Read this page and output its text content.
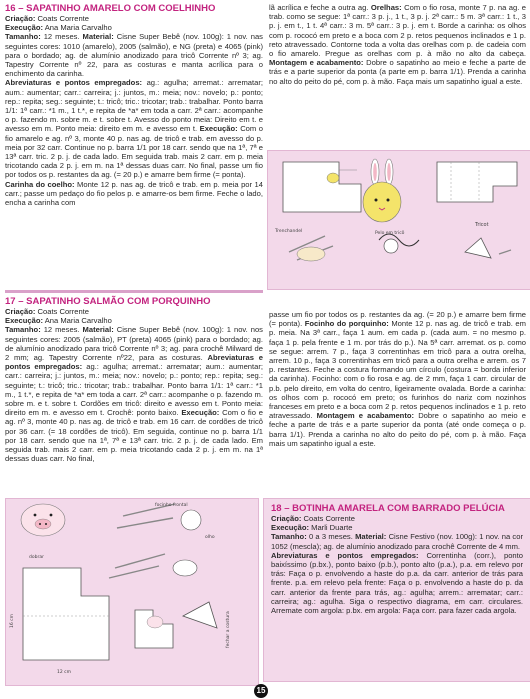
16 – SAPATINHO AMARELO COM COELHINHO

Criação: Coats Corrente

Execução: Ana Maria Carvalho

Tamanho: 12 meses. Material: Cisne Super Bebê (nov. 100g): 1 nov. nas seguintes cores: 1010 (amarelo), 2005 (salmão), e NG (preta) e 4065 (pink) para o bordado; ag. de alumínio anodizado para tricô Corrente nº 3; ag. Tapestry Corrente nº 22, para as costuras e manta acrílica para o enchimento da carinha.

Abreviaturas e pontos empregados: ag.: agulha; arremat.: arrematar; aum.: aumentar; carr.: carreira; j.: juntos, m.: meia; nov.: novelo; p.: ponto; rep.: repita; seg.: seguinte; t.: tricô; tric.: tricotar; trab.: trabalhar. Ponto barra 1/1: 1ª carr.: *1 m., 1 t.*, e repita de *a* em toda a carr. 2ª carr.: acompanhe o p. fazendo m. sobre m. e t. sobre t. Avesso do ponto meia: Direito em t. e avesso em m. Ponto meia: direito em m. e avesso em t. Execução: Com o fio amarelo e ag. nº 3, monte 40 p. nas ag. de tricô e trab. em avesso do p. meia por 32 carr. Continue no p. barra 1/1 por 18 carr. sendo que na 1ª, 7ª e 13ª carr. tric. 2 p. j. de cada lado. Em seguida trab. mais 2 carr. em p. meia tricotando cada 2 p. j. em m. na 1ª dessas duas carr. No final, passe um fio por todos os p. restantes da ag. (= 20 p.) e amarre bem firme (= ponta).

Carinha do coelho: Monte 12 p. nas ag. de tricô e trab. em p. meia por 14 carr.; passe um pedaço do fio pelos p. e amarre-os bem firme. Feche o lado, encha a carinha com

lã acrílica e feche a outra ag. Orelhas: Com o fio rosa, monte 7 p. na ag. e trab. como se segue: 1ª carr.: 3 p. j., 1 t., 3 p. j. 2ª carr.: 5 m. 3ª carr.: 1 t., 3 p. j. em t., 1 t. 4ª carr.: 3 m. 5ª carr.: 3 p. j. em t. Borde a carinha: os olhos com p. rococó em preto e a boca com 2 p. retos pequenos inclinados e 1 p. reto atravessado. Contorne toda a volta das orelhas com p. de cadeia com o fio amarelo. Pregue as orelhas com p. à mão no alto da cabeça. Montagem e acabamento: Dobre o sapatinho ao meio e feche a parte de trás e a parte superior da ponta (a parte em p. barra 1/1). Prenda a carinha no alto do peito do pé, com p. à mão. Faça mais um sapatinho igual a este.

Tricot
Trenchandel	Pelo em tricô

17 – SAPATINHO SALMÃO COM PORQUINHO

Criação: Coats Corrente

Execução: Ana Maria Carvalho

Tamanho: 12 meses. Material: Cisne Super Bebê (nov. 100g): 1 nov. nos seguintes cores: 2005 (salmão), PT (preta) 4065 (pink) para o bordado; ag. de alumínio anodizado para tricô Corrente nº 3; ag. para crochê Milward de 2 mm; ag. Tapestry Corrente nº22, para as costuras. Abreviaturas e pontos empregados: ag.: agulha; arremat.: arrematar; aum.: aumentar; carr.: carreira; j.: juntos, m.: meia; nov.: novelo; p.: ponto; rep.: repita; seg.: seguinte; t.: tricô; tric.: tricotar; trab.: trabalhar. Ponto barra 1/1: 1ª carr.: *1 m., 1 t.*, e repita de *a* em toda a carr. 2ª carr.: acompanhe o p. fazendo m. sobre m. e t. sobre t. Cordões em tricô: direito e avesso em t. Ponto meia: direito em m. e avesso em t. Crochê: ponto baixo. Execução: Com o fio e ag. nº 3, monte 40 p. nas ag. de tricô e trab. em 16 carr. de cordões de tricô por 36 carr. (= 18 cordões de tricô). Em seguida, continue no p. barra 1/1 por 18 carr. sendo que na 1ª, 7ª e 13ª carr. tric. 2 p. j. de cada lado. Em seguida trab. mais 2 carr. em p. meia tricotando cada 2 p. j. em m. na 1ª dessas duas carr. No final,

passe um fio por todos os p. restantes da ag. (= 20 p.) e amarre bem firme (= ponta). Focinho do porquinho: Monte 12 p. nas ag. de tricô e trab. em p. meia. Na 3ª carr., faça 1 aum. em cada p. (cada aum. = no mesmo p. faça 1 p. pela frente e 1 m. por trás do p.). Na 5ª carr. arremat. os p. como se segue: arrem. 7 p., faça 3 correntinhas em tricô para a outra orelha, arrem. 10 p., faça 3 correntinhas em tricô para a outra orelha e arrem. os 7 p. restantes. Feche a costura formando um círculo (costura = borda inferior da carinha). Focinho: com o fio rosa e ag. de 2 mm, faça 1 carr. circular de p.b. pelo direito, em volta do centro, ligeiramente ovalada. Borde a carinha: os olhos com p. rococó em preto; os furinhos do nariz com nozinhos franceses em preto e a boca com 2 p. retos pequenos inclinados e 1 p. reto atravessado. Montagem e acabamento: Dobre o sapatinho ao meio e feche a parte de trás e a parte superior da ponta (até onde começa o p. barra 1/1). Prenda a carinha no alto do peito do pé, com p. à mão. Faça mais um sapatinho igual a este.

focinho frontal
olho
dobrar
16 cm
12 cm
fechar a costura

18 – BOTINHA AMARELA COM BARRADO PELÚCIA

Criação: Coats Corrente

Execução: Marli Duarte

Tamanho: 0 a 3 meses. Material: Cisne Festivo (nov. 100g): 1 nov. na cor 1052 (mescla); ag. de alumínio anodizado para crochê Corrente de 4 mm.

Abreviaturas e pontos empregados: Correntinha (corr.), ponto baixíssimo (p.bx.), ponto baixo (p.b.), ponto alto (p.a.), p.a. em relevo por trás: Faça o p. envolvendo a haste do p.a. da carr. anterior de trás para frente. p.a. em relevo pela frente: Faça o p. envolvendo a haste do p. da carr. anterior da frente para trás, ag.: agulha; arrem.: arrematar; carr.: carreira; ag.: agulha. Siga o respectivo diagrama, em carr. circulares. Arremate com argola: p.bx. em argola: Faça corr. para fazer cada argola.

15
